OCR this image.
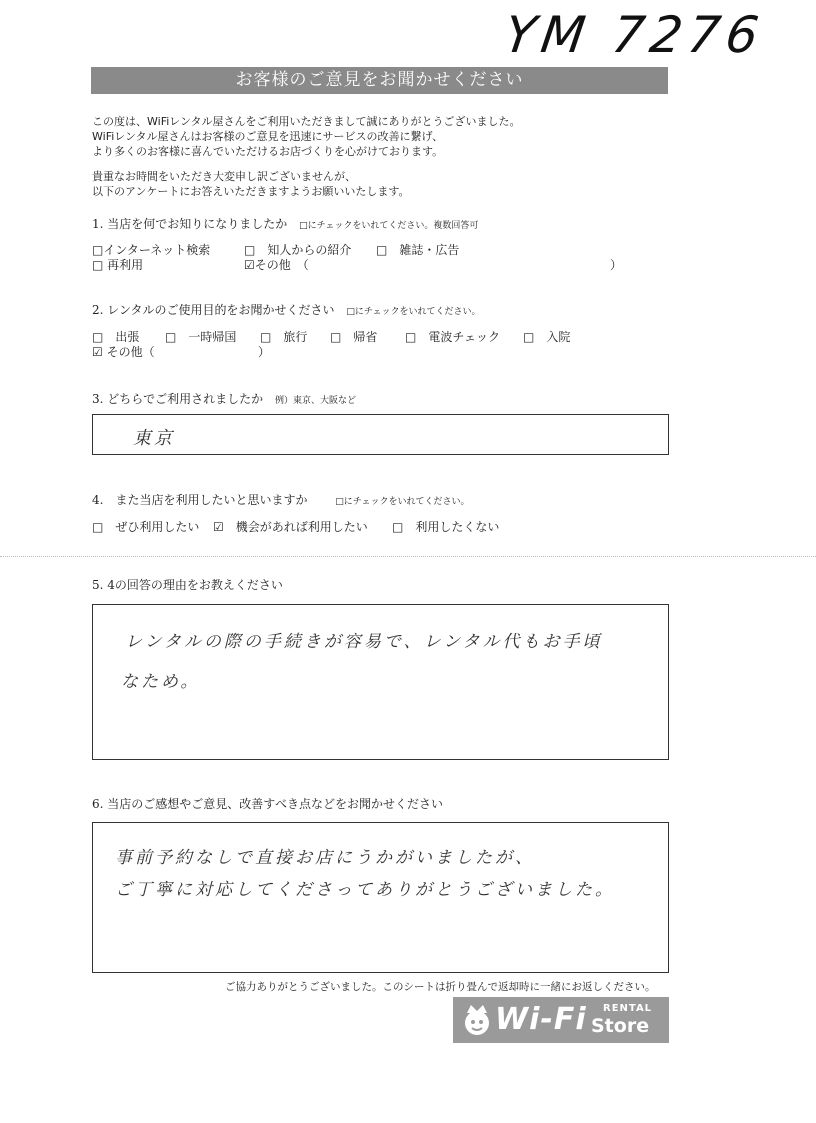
YM 7276
お客様のご意見をお聞かせください
この度は、WiFiレンタル屋さんをご利用いただきまして誠にありがとうございました。
WiFiレンタル屋さんはお客様のご意見を迅速にサービスの改善に繋げ、
より多くのお客様に喜んでいただけるお店づくりを心がけております。
貴重なお時間をいただき大変申し訳ございませんが、
以下のアンケートにお答えいただきますようお願いいたします。
1. 当店を何でお知りになりましたか □にチェックをいれてください。複数回答可
□インターネット検索	□　知人からの紹介 □　雑誌・広告
□ 再利用	☑その他　（	）
2. レンタルのご使用目的をお聞かせください □にチェックをいれてください。
□　出張 □　一時帰国 □　旅行 □　帰省 □　電波チェック □　入院
☑ その他（	）
3. どちらでご利用されましたか 例）東京、大阪など
東京
4.　また当店を利用したいと思いますか	□にチェックをいれてください。
□　ぜひ利用したい ☑　機会があれば利用したい □　利用したくない
5. 4の回答の理由をお教えください
レンタルの際の手続きが容易で、レンタル代もお手頃
なため。
6. 当店のご感想やご意見、改善すべき点などをお聞かせください
事前予約なしで直接お店にうかがいましたが、
ご丁寧に対応してくださってありがとうございました。
ご協力ありがとうございました。このシートは折り畳んで返却時に一緒にお返しください。
Wi-Fi RENTAL
Store
